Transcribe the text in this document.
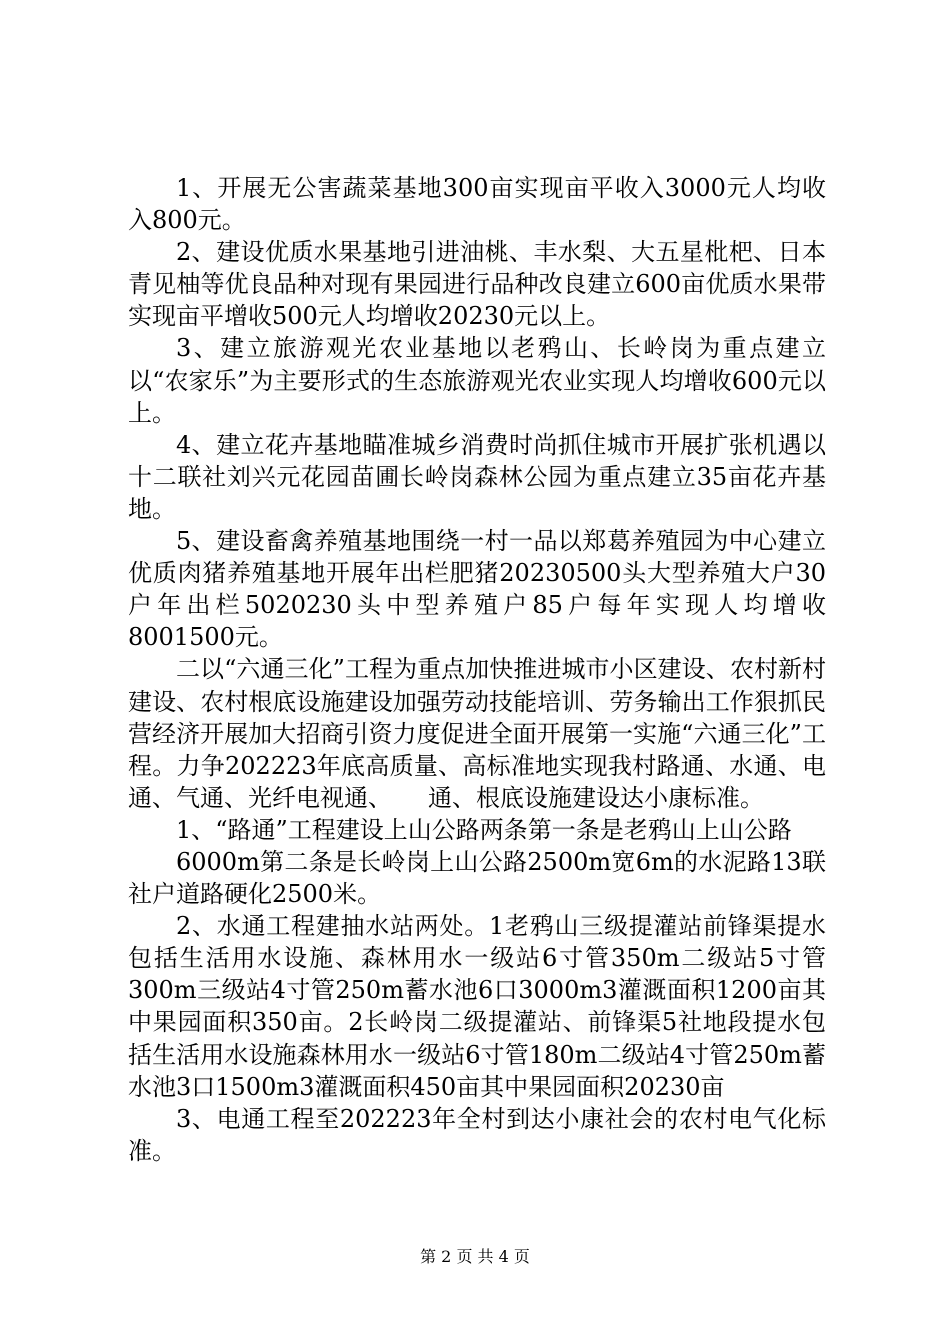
1、开展无公害蔬菜基地300亩实现亩平收入3000元人均收入800元。

2、建设优质水果基地引进油桃、丰水梨、大五星枇杷、日本青见柚等优良品种对现有果园进行品种改良建立600亩优质水果带实现亩平增收500元人均增收20230元以上。

3、建立旅游观光农业基地以老鸦山、长岭岗为重点建立以“农家乐”为主要形式的生态旅游观光农业实现人均增收600元以上。

4、建立花卉基地瞄准城乡消费时尚抓住城市开展扩张机遇以十二联社刘兴元花园苗圃长岭岗森林公园为重点建立35亩花卉基地。

5、建设畜禽养殖基地围绕一村一品以郑葛养殖园为中心建立优质肉猪养殖基地开展年出栏肥猪20230500头大型养殖大户30户年出栏5020230头中型养殖户85户每年实现人均增收8001500元。

二以“六通三化”工程为重点加快推进城市小区建设、农村新村建设、农村根底设施建设加强劳动技能培训、劳务输出工作狠抓民营经济开展加大招商引资力度促进全面开展第一实施“六通三化”工程。力争202223年底高质量、高标准地实现我村路通、水通、电通、气通、光纤电视通、　　通、根底设施建设达小康标准。

1、“路通”工程建设上山公路两条第一条是老鸦山上山公路

6000m第二条是长岭岗上山公路2500m宽6m的水泥路13联社户道路硬化2500米。

2、水通工程建抽水站两处。1老鸦山三级提灌站前锋渠提水包括生活用水设施、森林用水一级站6寸管350m二级站5寸管300m三级站4寸管250m蓄水池6口3000m3灌溉面积1200亩其中果园面积350亩。2长岭岗二级提灌站、前锋渠5社地段提水包括生活用水设施森林用水一级站6寸管180m二级站4寸管250m蓄水池3口1500m3灌溉面积450亩其中果园面积20230亩

3、电通工程至202223年全村到达小康社会的农村电气化标准。

第 2 页 共 4 页
